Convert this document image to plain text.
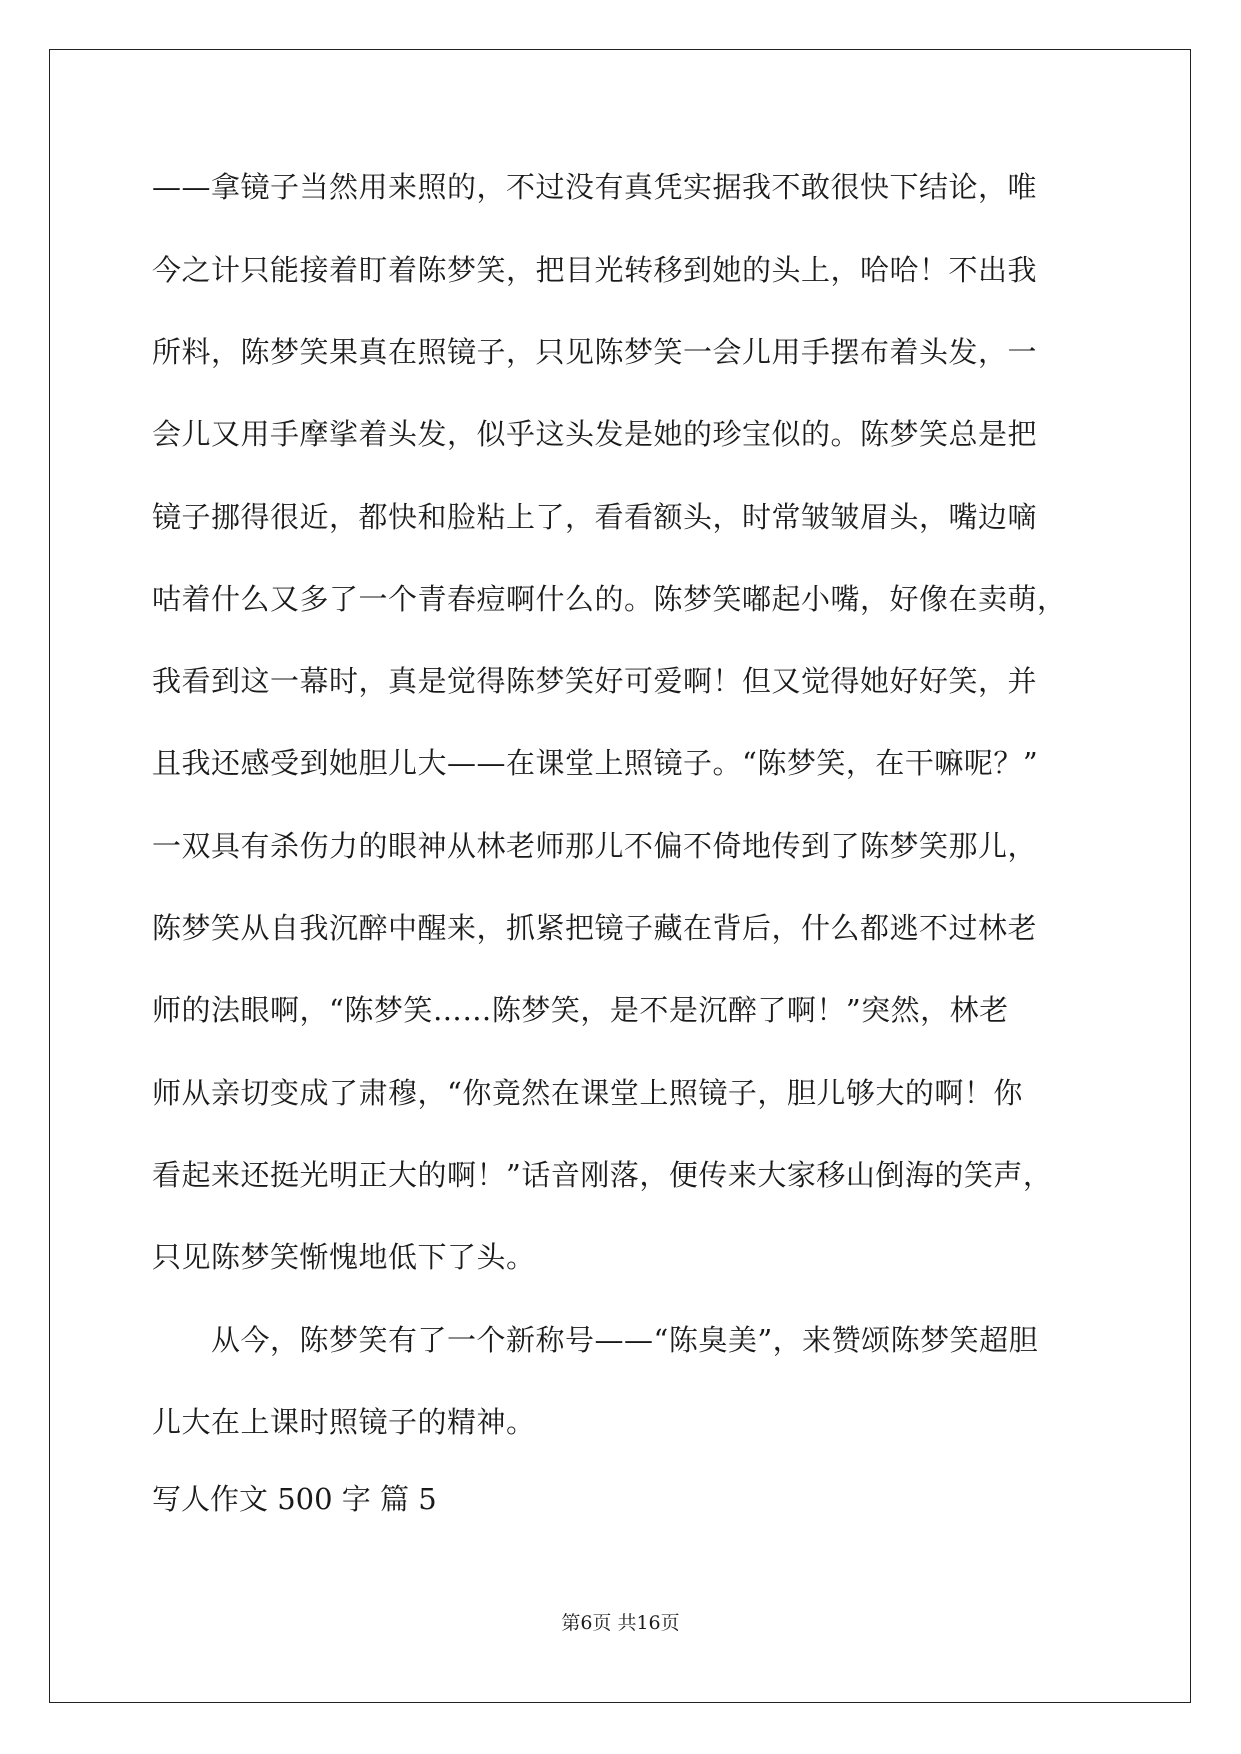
——拿镜子当然用来照的，不过没有真凭实据我不敢很快下结论，唯
今之计只能接着盯着陈梦笑，把目光转移到她的头上，哈哈！不出我
所料，陈梦笑果真在照镜子，只见陈梦笑一会儿用手摆布着头发，一
会儿又用手摩挲着头发，似乎这头发是她的珍宝似的。陈梦笑总是把
镜子挪得很近，都快和脸粘上了，看看额头，时常皱皱眉头，嘴边嘀
咕着什么又多了一个青春痘啊什么的。陈梦笑嘟起小嘴，好像在卖萌，
我看到这一幕时，真是觉得陈梦笑好可爱啊！但又觉得她好好笑，并
且我还感受到她胆儿大——在课堂上照镜子。“陈梦笑，在干嘛呢？”
一双具有杀伤力的眼神从林老师那儿不偏不倚地传到了陈梦笑那儿，
陈梦笑从自我沉醉中醒来，抓紧把镜子藏在背后，什么都逃不过林老
师的法眼啊，“陈梦笑……陈梦笑，是不是沉醉了啊！”突然，林老
师从亲切变成了肃穆，“你竟然在课堂上照镜子，胆儿够大的啊！你
看起来还挺光明正大的啊！”话音刚落，便传来大家移山倒海的笑声，
只见陈梦笑惭愧地低下了头。
从今，陈梦笑有了一个新称号——“陈臭美”，来赞颂陈梦笑超胆
儿大在上课时照镜子的精神。
写人作文 500 字 篇 5
第6页 共16页
